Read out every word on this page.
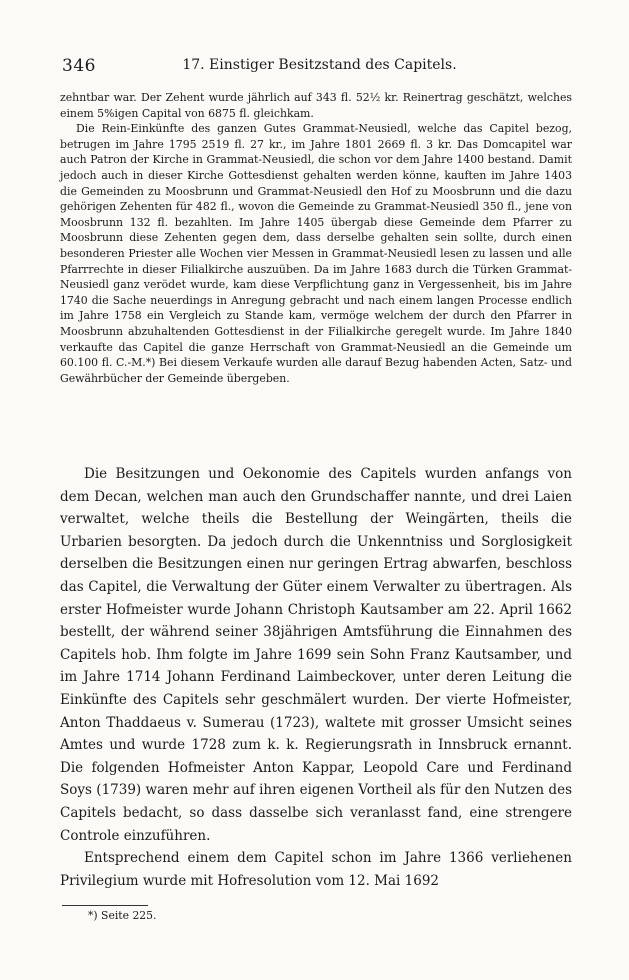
346	17. Einstiger Besitzstand des Capitels.

zehntbar war. Der Zehent wurde jährlich auf 343 fl. 52½ kr. Reinertrag geschätzt, welches einem 5%igen Capital von 6875 fl. gleichkam.

Die Rein-Einkünfte des ganzen Gutes Grammat-Neusiedl, welche das Capitel bezog, betrugen im Jahre 1795 2519 fl. 27 kr., im Jahre 1801 2669 fl. 3 kr. Das Domcapitel war auch Patron der Kirche in Grammat-Neusiedl, die schon vor dem Jahre 1400 bestand. Damit jedoch auch in dieser Kirche Gottesdienst gehalten werden könne, kauften im Jahre 1403 die Gemeinden zu Moosbrunn und Grammat-Neusiedl den Hof zu Moosbrunn und die dazu gehörigen Zehenten für 482 fl., wovon die Gemeinde zu Grammat-Neusiedl 350 fl., jene von Moosbrunn 132 fl. bezahlten. Im Jahre 1405 übergab diese Gemeinde dem Pfarrer zu Moosbrunn diese Zehenten gegen dem, dass derselbe gehalten sein sollte, durch einen besonderen Priester alle Wochen vier Messen in Grammat-Neusiedl lesen zu lassen und alle Pfarrrechte in dieser Filialkirche auszuüben. Da im Jahre 1683 durch die Türken Grammat-Neusiedl ganz verödet wurde, kam diese Verpflichtung ganz in Vergessenheit, bis im Jahre 1740 die Sache neuerdings in Anregung gebracht und nach einem langen Processe endlich im Jahre 1758 ein Vergleich zu Stande kam, vermöge welchem der durch den Pfarrer in Moosbrunn abzuhaltenden Gottesdienst in der Filialkirche geregelt wurde. Im Jahre 1840 verkaufte das Capitel die ganze Herrschaft von Grammat-Neusiedl an die Gemeinde um 60.100 fl. C.-M.*) Bei diesem Verkaufe wurden alle darauf Bezug habenden Acten, Satz- und Gewährbücher der Gemeinde übergeben.

Die Besitzungen und Oekonomie des Capitels wurden anfangs von dem Decan, welchen man auch den Grundschaffer nannte, und drei Laien verwaltet, welche theils die Bestellung der Weingärten, theils die Urbarien besorgten. Da jedoch durch die Unkenntniss und Sorglosigkeit derselben die Besitzungen einen nur geringen Ertrag abwarfen, beschloss das Capitel, die Verwaltung der Güter einem Verwalter zu übertragen. Als erster Hofmeister wurde Johann Christoph Kautsamber am 22. April 1662 bestellt, der während seiner 38jährigen Amtsführung die Einnahmen des Capitels hob. Ihm folgte im Jahre 1699 sein Sohn Franz Kautsamber, und im Jahre 1714 Johann Ferdinand Laimbeckover, unter deren Leitung die Einkünfte des Capitels sehr geschmälert wurden. Der vierte Hofmeister, Anton Thaddaeus v. Sumerau (1723), waltete mit grosser Umsicht seines Amtes und wurde 1728 zum k. k. Regierungsrath in Innsbruck ernannt. Die folgenden Hofmeister Anton Kappar, Leopold Care und Ferdinand Soys (1739) waren mehr auf ihren eigenen Vortheil als für den Nutzen des Capitels bedacht, so dass dasselbe sich veranlasst fand, eine strengere Controle einzuführen.

Entsprechend einem dem Capitel schon im Jahre 1366 verliehenen Privilegium wurde mit Hofresolution vom 12. Mai 1692

*) Seite 225.
